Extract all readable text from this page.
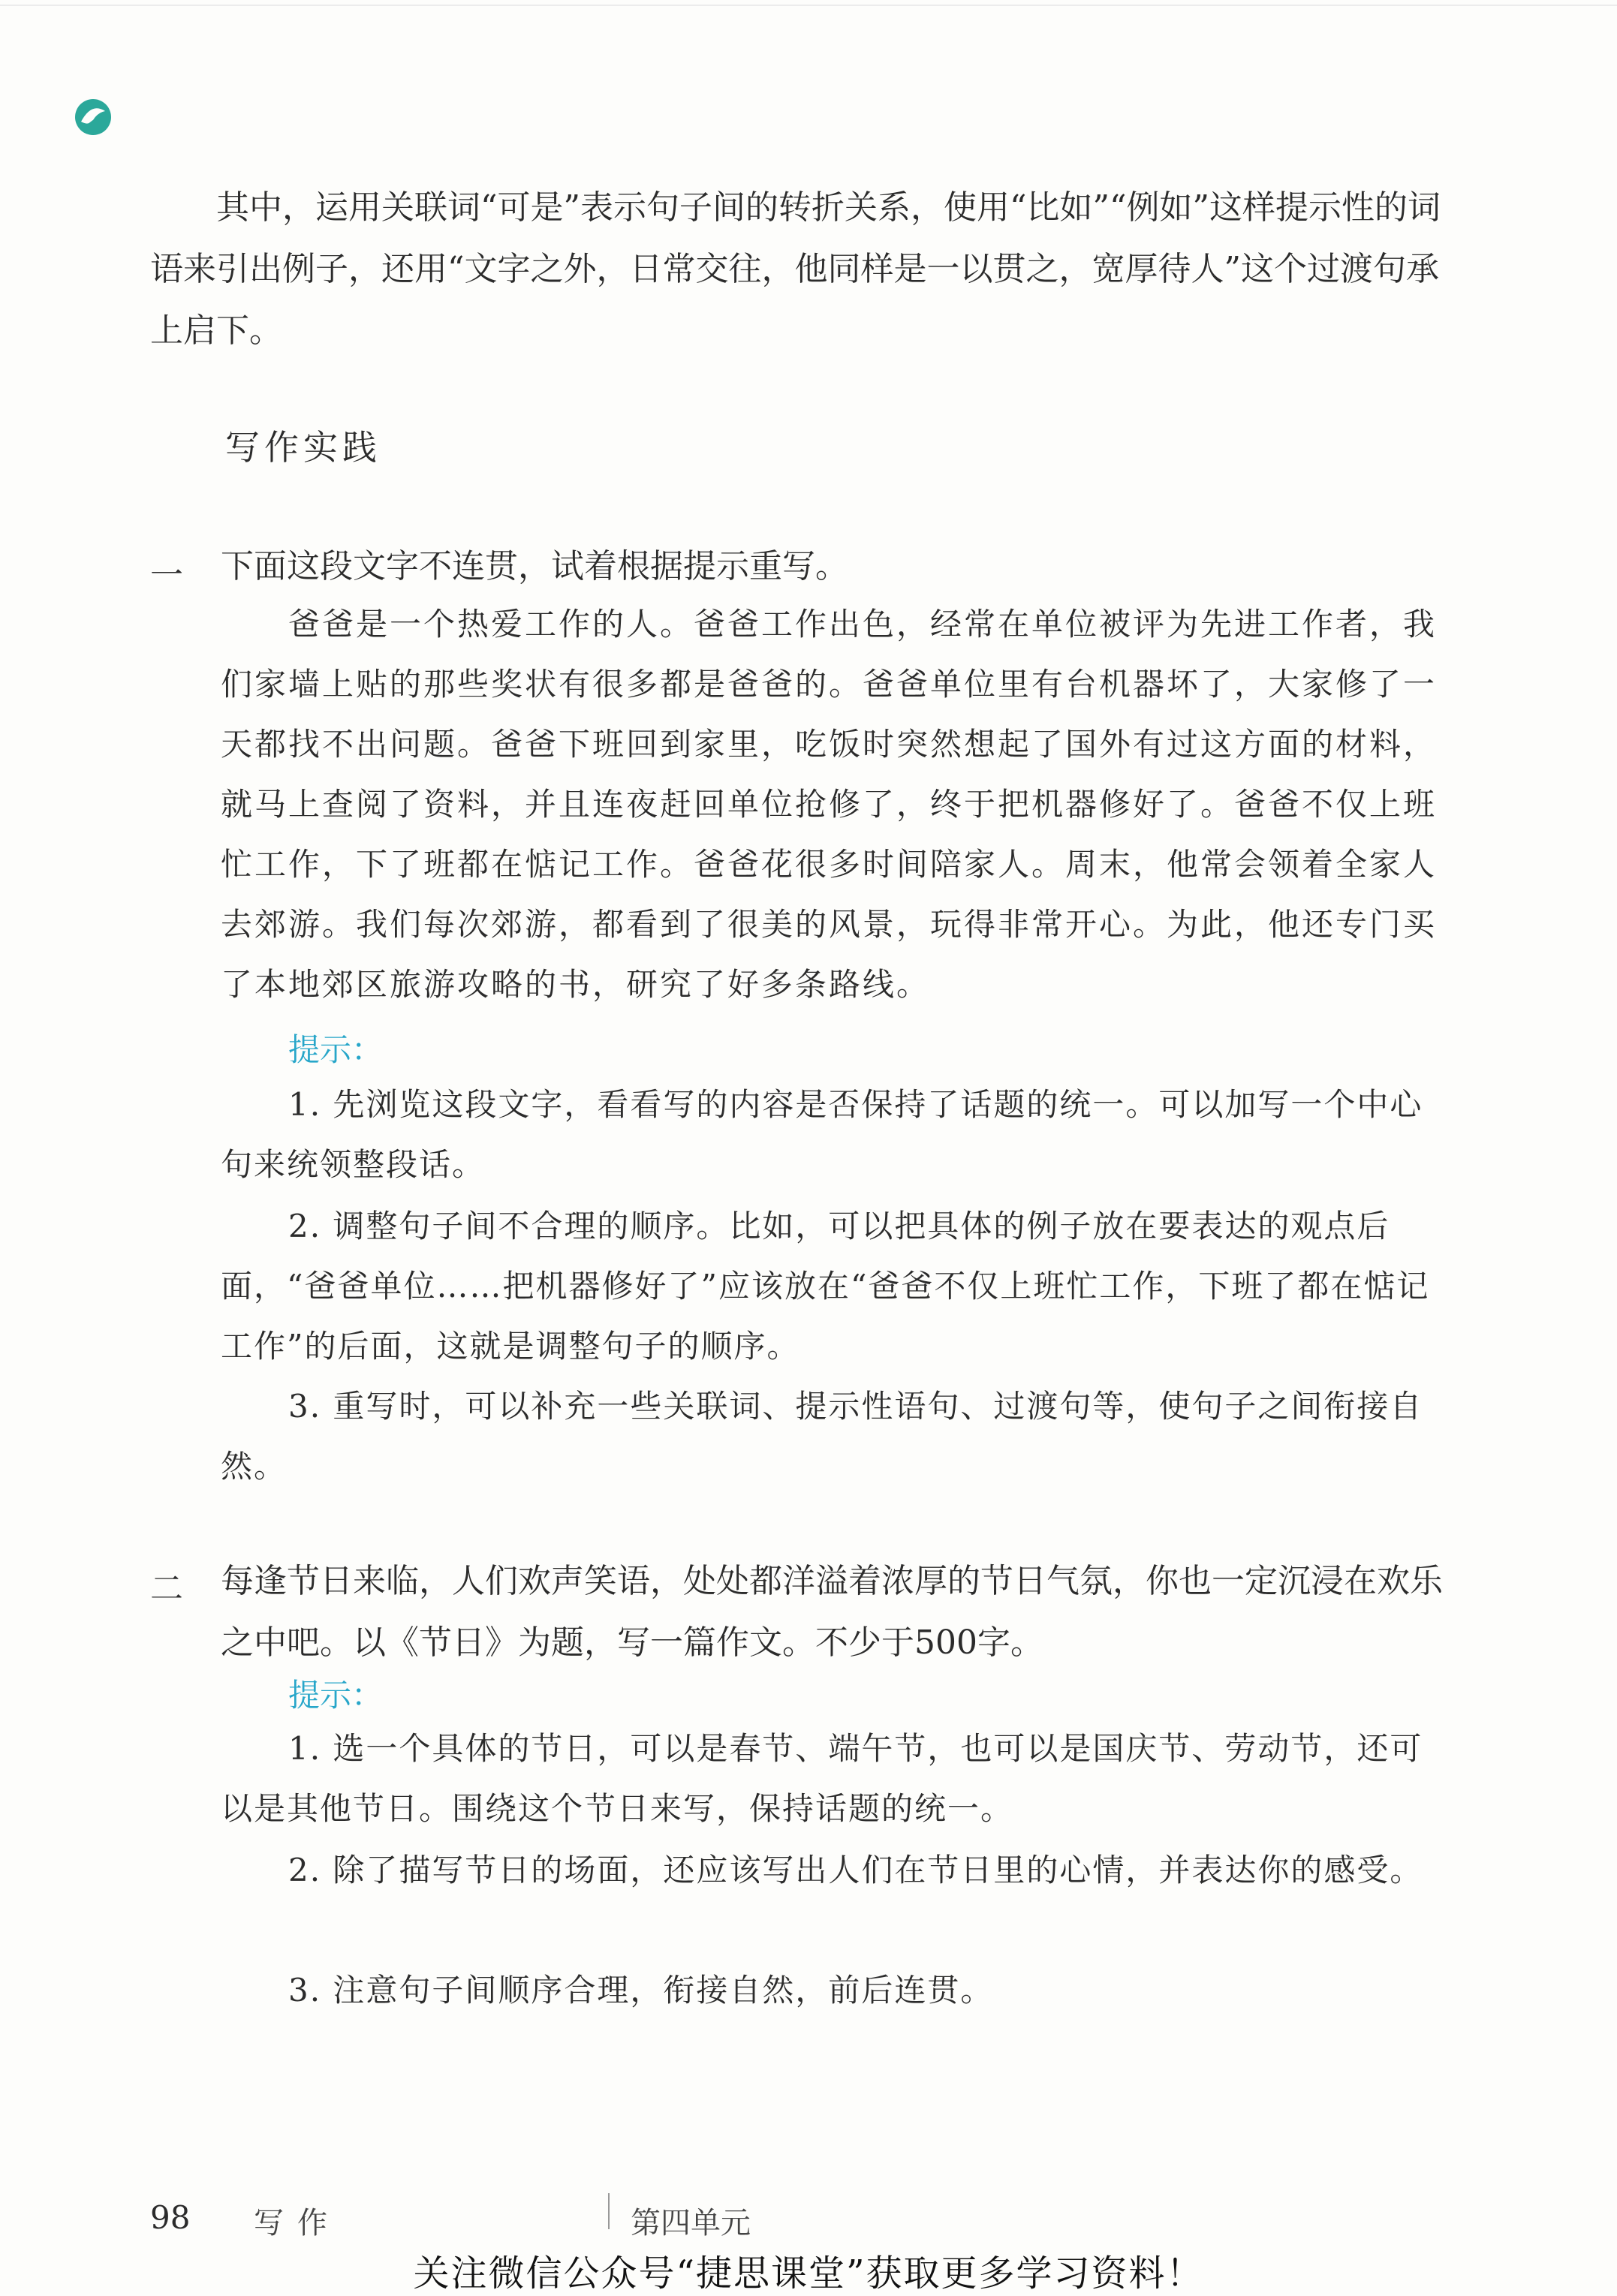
其中，运用关联词“可是”表示句子间的转折关系，使用“比如”“例如”这样提示性的词语来引出例子，还用“文字之外，日常交往，他同样是一以贯之，宽厚待人”这个过渡句承上启下。

写作实践
一 下面这段文字不连贯，试着根据提示重写。

爸爸是一个热爱工作的人。爸爸工作出色，经常在单位被评为先进工作者，我们家墙上贴的那些奖状有很多都是爸爸的。爸爸单位里有台机器坏了，大家修了一天都找不出问题。爸爸下班回到家里，吃饭时突然想起了国外有过这方面的材料，就马上查阅了资料，并且连夜赶回单位抢修了，终于把机器修好了。爸爸不仅上班忙工作，下了班都在惦记工作。爸爸花很多时间陪家人。周末，他常会领着全家人去郊游。我们每次郊游，都看到了很美的风景，玩得非常开心。为此，他还专门买了本地郊区旅游攻略的书，研究了好多条路线。

提示：

1. 先浏览这段文字，看看写的内容是否保持了话题的统一。可以加写一个中心句来统领整段话。

2. 调整句子间不合理的顺序。比如，可以把具体的例子放在要表达的观点后面，“爸爸单位……把机器修好了”应该放在“爸爸不仅上班忙工作，下班了都在惦记工作”的后面，这就是调整句子的顺序。

3. 重写时，可以补充一些关联词、提示性语句、过渡句等，使句子之间衔接自然。

二 每逢节日来临，人们欢声笑语，处处都洋溢着浓厚的节日气氛，你也一定沉浸在欢乐之中吧。以《节日》为题，写一篇作文。不少于500字。

提示：

1. 选一个具体的节日，可以是春节、端午节，也可以是国庆节、劳动节，还可以是其他节日。围绕这个节日来写，保持话题的统一。

2. 除了描写节日的场面，还应该写出人们在节日里的心情，并表达你的感受。

3. 注意句子间顺序合理，衔接自然，前后连贯。

98 写作	第四单元
关注微信公众号“捷思课堂”获取更多学习资料！
